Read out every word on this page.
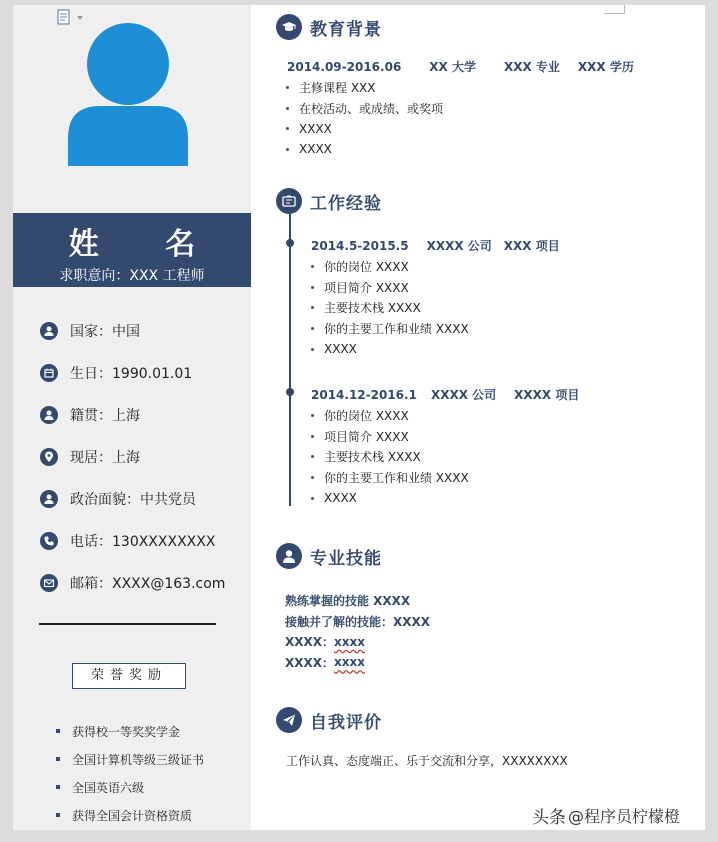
姓 名
求职意向：XXX 工程师
国家：中国
生日：1990.01.01
籍贯：上海
现居：上海
政治面貌：中共党员
电话：130XXXXXXXX
邮箱：XXXX@163.com
荣誉奖励
获得校一等奖奖学金
全国计算机等级三级证书
全国英语六级
获得全国会计资格资质
教育背景
2014.09-2016.06 XX 大学 XXX 专业 XXX 学历
主修课程 XXX
在校活动、或成绩、或奖项
XXXX
XXXX
工作经验
2014.5-2015.5 XXXX 公司 XXX 项目
你的岗位 XXXX
项目简介 XXXX
主要技术栈 XXXX
你的主要工作和业绩 XXXX
XXXX
2014.12-2016.1 XXXX 公司 XXXX 项目
你的岗位 XXXX
项目简介 XXXX
主要技术栈 XXXX
你的主要工作和业绩 XXXX
XXXX
专业技能
熟练掌握的技能 XXXX
接触并了解的技能：XXXX
XXXX： xxxx
XXXX： xxxx
自我评价
工作认真、态度端正、乐于交流和分享，XXXXXXXX
头条 @程序员柠檬橙
